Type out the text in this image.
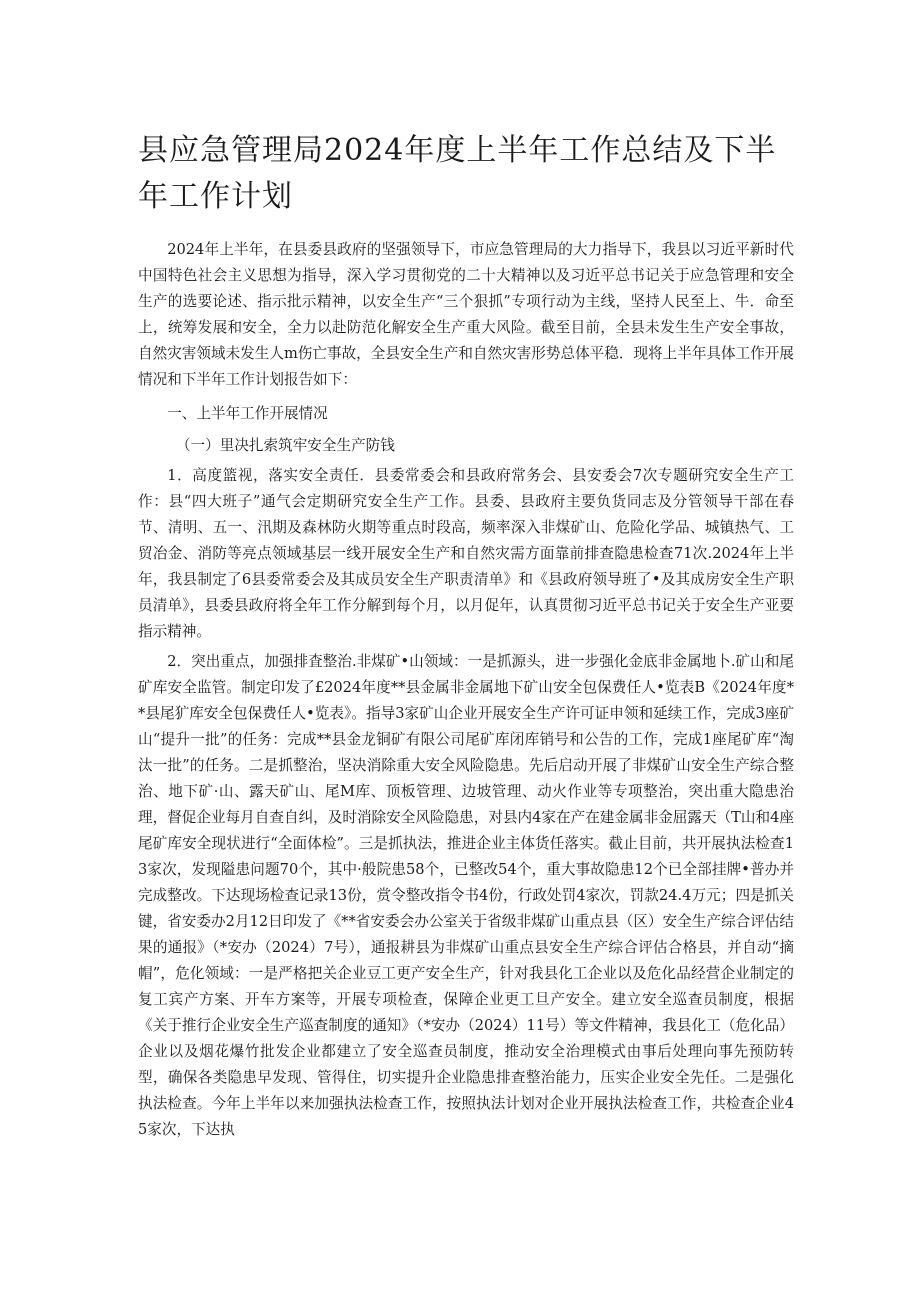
县应急管理局2024年度上半年工作总结及下半年工作计划

2024年上半年，在县委县政府的坚强领导下，市应急管理局的大力指导下，我县以习近平新时代中国特色社会主义思想为指导，深入学习贯彻党的二十大精神以及习近平总书记关于应急管理和安全生产的选要论述、指示批示精神，以安全生产“三个狠抓”专项行动为主线，坚持人民至上、牛．命至上，统筹发展和安全，全力以赴防范化解安全生产重大风险。截至目前，全县未发生生产安全事故，自然灾害领域未发生人m伤亡事故，全县安全生产和自然灾害形势总体平稳．现将上半年具体工作开展情况和下半年工作计划报告如下：

一、上半年工作开展情况

（一）里决扎索筑牢安全生产防钱

1．高度篮视，落实安全责任．县委常委会和县政府常务会、县安委会7次专题研究安全生产工作：县“四大班子”通气会定期研究安全生产工作。县委、县政府主要负货同志及分管领导干部在春节、清明、五一、汛期及森林防火期等重点时段高，频率深入非煤矿山、危险化学品、城镇热气、工贸冶金、消防等亮点领域基层一线开展安全生产和自然灾需方面靠前排查隐患检查71次.2024年上半年，我县制定了6县委常委会及其成员安全生产职责清单》和《县政府领导班了•及其成房安全生产职员清单》，县委县政府将全年工作分解到每个月，以月促年，认真贯彻习近平总书记关于安全生产亚要指示精神。

2．突出重点，加强排査整治.非煤矿•山领域：一是抓源头，进一步强化金底非金属地卜.矿山和尾矿库安全监管。制定印发了£2024年度**县金属非金属地下矿山安全包保费任人•览表B《2024年度**县尾犷库安全包保费任人•览表》。指导3家矿山企业开展安全生产许可证申领和延续工作，完成3座矿山“提升一批”的任务：完成**县金龙铜矿有限公司尾矿库闭库销号和公告的工作，完成1座尾矿库“淘汰一批”的任务。二是抓整治，坚决消除重大安全风险隐患。先后启动开展了非煤矿山安全生产综合整治、地下矿·山、露天矿山、尾M库、顶板管理、边坡管理、动火作业等专项整治，突出重大隐患治理，督促企业每月自查自纠，及时消除安全风险隐患，对县内4家在产在建金属非金屈露天（T山和4座尾矿库安全现状进行“全面体检”。三是抓执法，推进企业主体货任落实。截止目前，共开展执法检查13家次，发现隘患问题70个，其中·般院患58个，已整改54个，重大事故隐患12个已全部挂牌•普办并完成整改。下达现场检查记录13份，赏令整改指令书4份，行政处罚4家次，罚款24.4万元；四是抓关键，省安委办2月12日印发了《**省安委会办公室关于省级非煤矿山重点县（区）安全生产综合评估结果的通报》（*安办（2024）7号），通报耕县为非煤矿山重点县安全生产综合评估合格县，并自动“摘帽”，危化领域：一是严格把关企业豆工更产安全生产，针对我县化工企业以及危化品经营企业制定的复工宾产方案、开车方案等，开展专项检查，保障企业更工旦产安全。建立安全巡查员制度，根据《关于推行企业安全生产巡查制度的通知》（*安办（2024）11号）等文件精神，我县化工（危化品）企业以及烟花爆竹批发企业都建立了安全巡查员制度，推动安全治理模式由事后处理向事先预防转型，确保各类隐患早发现、管得住，切实提升企业隐患排查整治能力，压实企业安全先任。二是强化执法检查。今年上半年以来加强执法检查工作，按照执法计划对企业开展执法检查工作，共检查企业45家次，下达执
